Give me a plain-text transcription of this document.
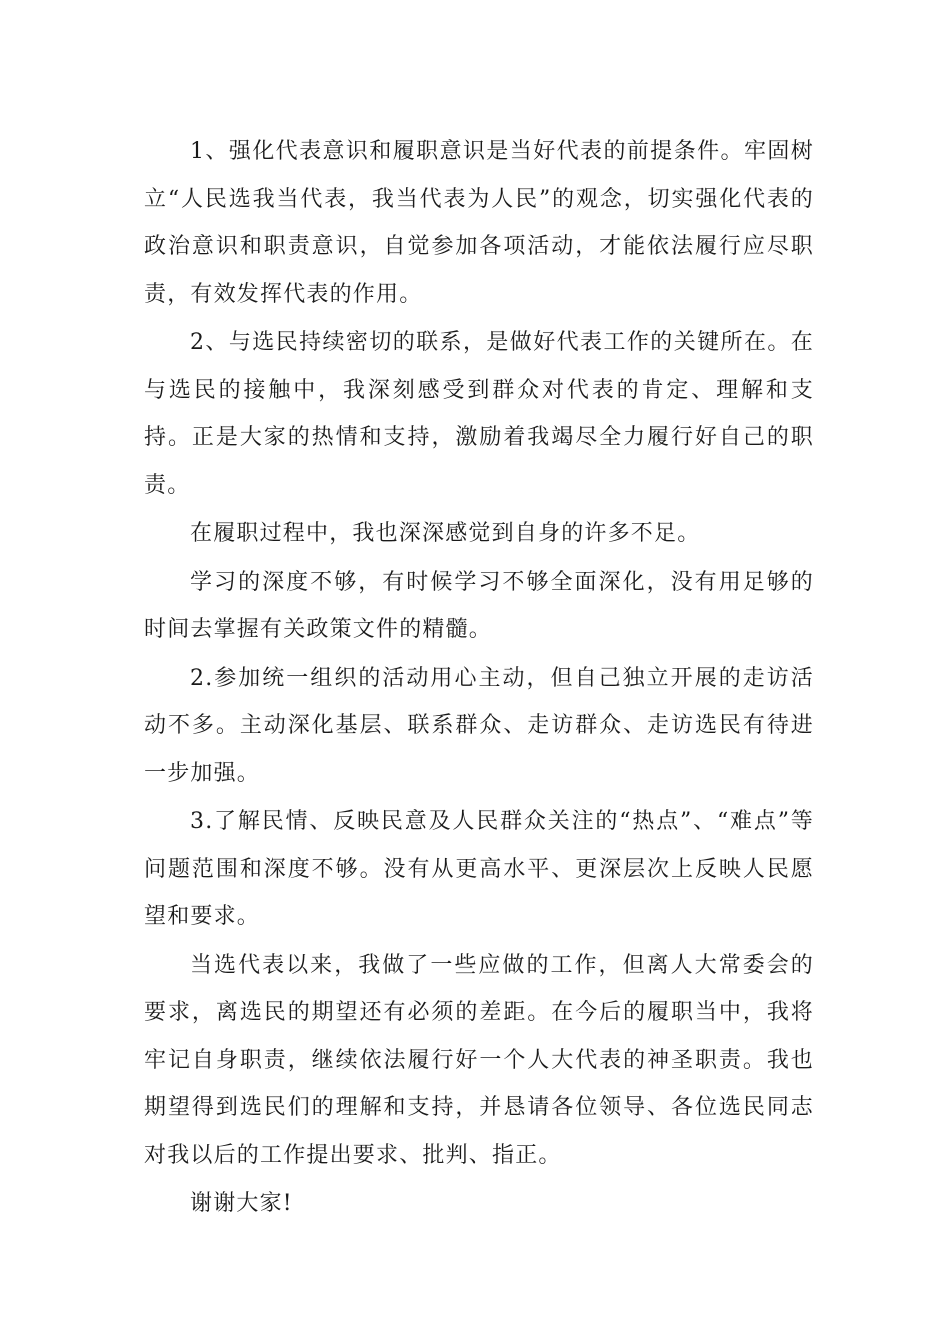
1、强化代表意识和履职意识是当好代表的前提条件。牢固树立“人民选我当代表，我当代表为人民”的观念，切实强化代表的政治意识和职责意识，自觉参加各项活动，才能依法履行应尽职责，有效发挥代表的作用。

2、与选民持续密切的联系，是做好代表工作的关键所在。在与选民的接触中，我深刻感受到群众对代表的肯定、理解和支持。正是大家的热情和支持，激励着我竭尽全力履行好自己的职责。

在履职过程中，我也深深感觉到自身的许多不足。

学习的深度不够，有时候学习不够全面深化，没有用足够的时间去掌握有关政策文件的精髓。

2.参加统一组织的活动用心主动，但自己独立开展的走访活动不多。主动深化基层、联系群众、走访群众、走访选民有待进一步加强。

3.了解民情、反映民意及人民群众关注的“热点”、“难点”等问题范围和深度不够。没有从更高水平、更深层次上反映人民愿望和要求。

当选代表以来，我做了一些应做的工作，但离人大常委会的要求，离选民的期望还有必须的差距。在今后的履职当中，我将牢记自身职责，继续依法履行好一个人大代表的神圣职责。我也期望得到选民们的理解和支持，并恳请各位领导、各位选民同志对我以后的工作提出要求、批判、指正。

谢谢大家!
